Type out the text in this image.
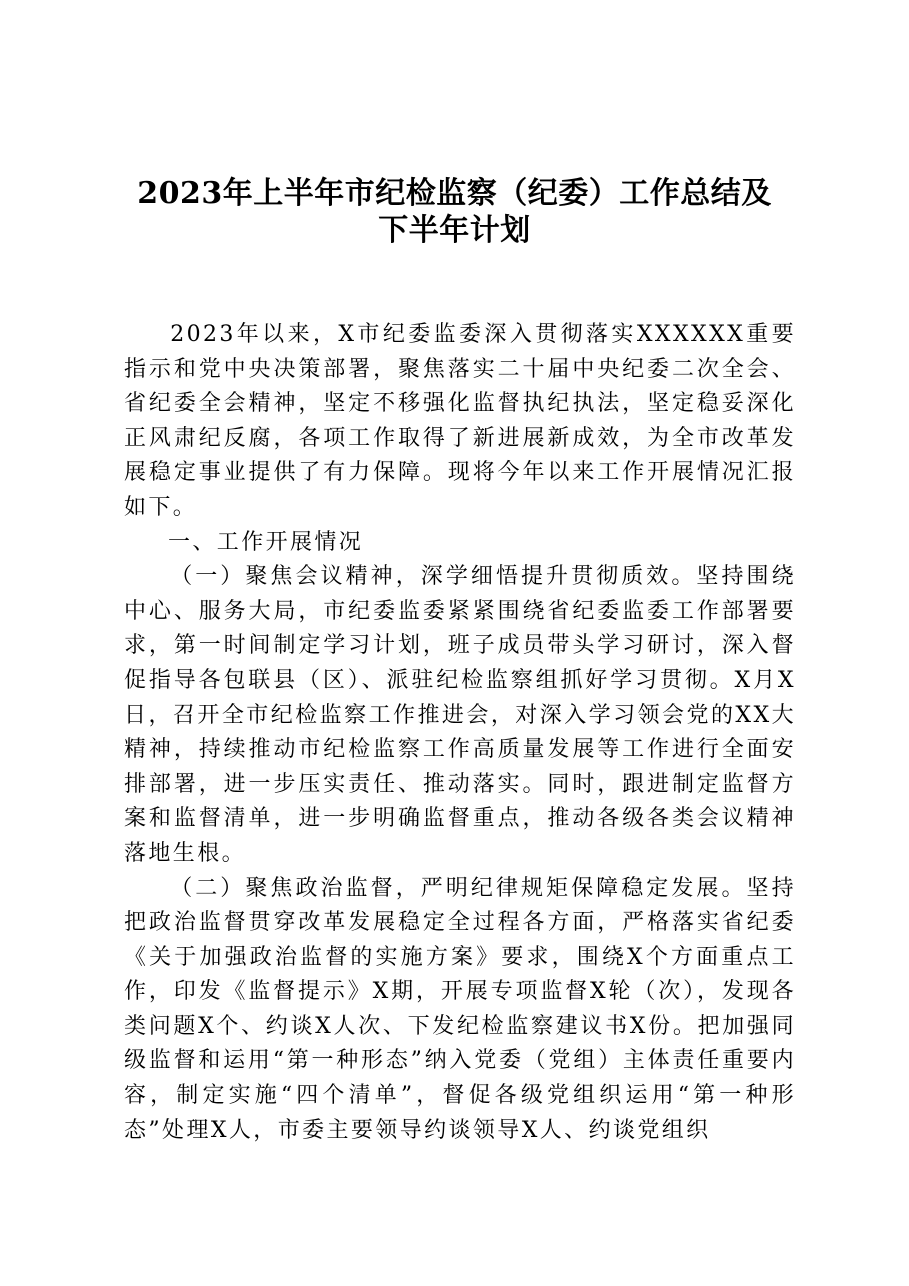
2023年上半年市纪检监察（纪委）工作总结及
下半年计划

2023年以来，X市纪委监委深入贯彻落实XXXXXX重要指示和党中央决策部署，聚焦落实二十届中央纪委二次全会、省纪委全会精神，坚定不移强化监督执纪执法，坚定稳妥深化正风肃纪反腐，各项工作取得了新进展新成效，为全市改革发展稳定事业提供了有力保障。现将今年以来工作开展情况汇报如下。

一、工作开展情况

（一）聚焦会议精神，深学细悟提升贯彻质效。坚持围绕中心、服务大局，市纪委监委紧紧围绕省纪委监委工作部署要求，第一时间制定学习计划，班子成员带头学习研讨，深入督促指导各包联县（区）、派驻纪检监察组抓好学习贯彻。X月X日，召开全市纪检监察工作推进会，对深入学习领会党的XX大精神，持续推动市纪检监察工作高质量发展等工作进行全面安排部署，进一步压实责任、推动落实。同时，跟进制定监督方案和监督清单，进一步明确监督重点，推动各级各类会议精神落地生根。

（二）聚焦政治监督，严明纪律规矩保障稳定发展。坚持把政治监督贯穿改革发展稳定全过程各方面，严格落实省纪委《关于加强政治监督的实施方案》要求，围绕X个方面重点工作，印发《监督提示》X期，开展专项监督X轮（次），发现各类问题X个、约谈X人次、下发纪检监察建议书X份。把加强同级监督和运用“第一种形态”纳入党委（党组）主体责任重要内容，制定实施“四个清单”，督促各级党组织运用“第一种形态”处理X人，市委主要领导约谈领导X人、约谈党组织
